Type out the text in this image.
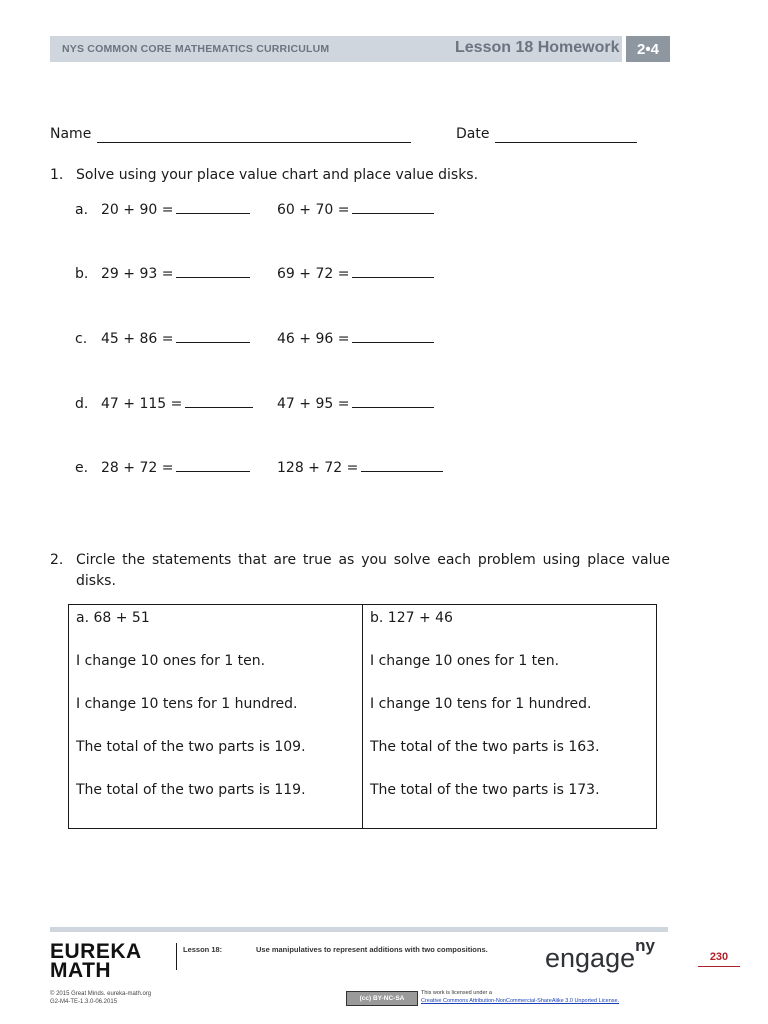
NYS COMMON CORE MATHEMATICS CURRICULUM	Lesson 18 Homework	2•4
Name	Date
1. Solve using your place value chart and place value disks.
a. 20 + 90 =	60 + 70 =
b. 29 + 93 =	69 + 72 =
c. 45 + 86 =	46 + 96 =
d. 47 + 115 =	47 + 95 =
e. 28 + 72 =	128 + 72 =
2. Circle the statements that are true as you solve each problem using place value disks.
a. 68 + 51
I change 10 ones for 1 ten.
I change 10 tens for 1 hundred.
The total of the two parts is 109.
The total of the two parts is 119.

b. 127 + 46
I change 10 ones for 1 ten.
I change 10 tens for 1 hundred.
The total of the two parts is 163.
The total of the two parts is 173.
EUREKA
MATH
Lesson 18:	Use manipulatives to represent additions with two compositions. engage$^{ny}$
230
© 2015 Great Minds. eureka-math.org
G2-M4-TE-1.3.0-06.2015	(cc) BY-NC-SA
This work is licensed under a
Creative Commons Attribution-NonCommercial-ShareAlike 3.0 Unported License.
